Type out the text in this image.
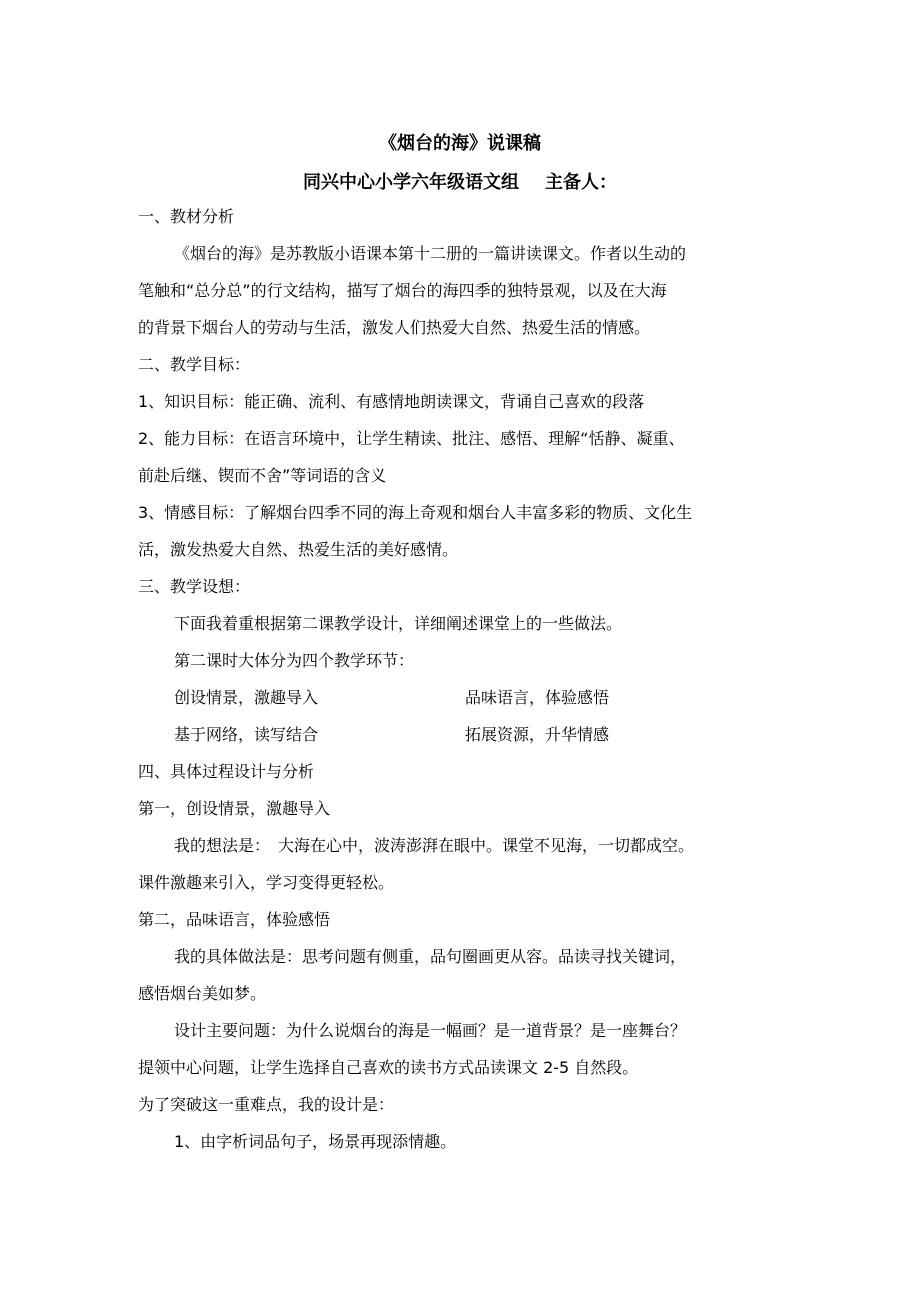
《烟台的海》说课稿
同兴中心小学六年级语文组 主备人：
一、教材分析
《烟台的海》是苏教版小语课本第十二册的一篇讲读课文。作者以生动的
笔触和“总分总”的行文结构，描写了烟台的海四季的独特景观，以及在大海
的背景下烟台人的劳动与生活，激发人们热爱大自然、热爱生活的情感。
二、教学目标：
1、知识目标：能正确、流利、有感情地朗读课文，背诵自己喜欢的段落
2、能力目标：在语言环境中，让学生精读、批注、感悟、理解“恬静、凝重、
前赴后继、锲而不舍”等词语的含义
3、情感目标：了解烟台四季不同的海上奇观和烟台人丰富多彩的物质、文化生
活，激发热爱大自然、热爱生活的美好感情。
三、教学设想：
下面我着重根据第二课教学设计，详细阐述课堂上的一些做法。
第二课时大体分为四个教学环节：
创设情景，激趣导入	品味语言，体验感悟
基于网络，读写结合	拓展资源，升华情感
四、具体过程设计与分析
第一，创设情景，激趣导入
我的想法是：　大海在心中，波涛澎湃在眼中。课堂不见海，一切都成空。
课件激趣来引入，学习变得更轻松。
第二，品味语言，体验感悟
我的具体做法是：思考问题有侧重，品句圈画更从容。品读寻找关键词，
感悟烟台美如梦。
设计主要问题：为什么说烟台的海是一幅画？是一道背景？是一座舞台？
提领中心问题，让学生选择自己喜欢的读书方式品读课文 2-5 自然段。
为了突破这一重难点，我的设计是：
1、由字析词品句子，场景再现添情趣。
